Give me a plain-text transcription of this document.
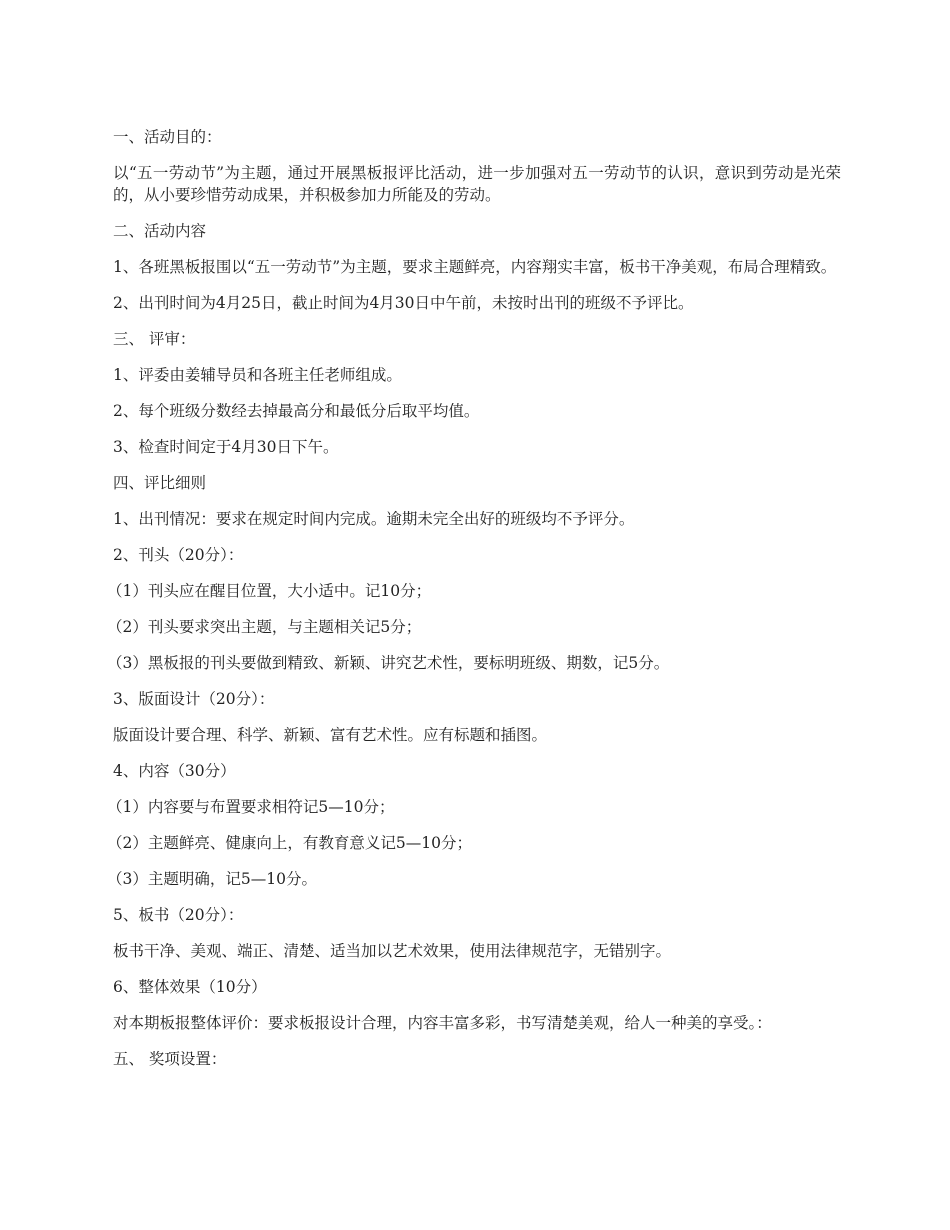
一、活动目的：

以“五一劳动节”为主题，通过开展黑板报评比活动，进一步加强对五一劳动节的认识，意识到劳动是光荣的，从小要珍惜劳动成果，并积极参加力所能及的劳动。

二、活动内容

1、各班黑板报围以“五一劳动节”为主题，要求主题鲜亮，内容翔实丰富，板书干净美观，布局合理精致。

2、出刊时间为4月25日，截止时间为4月30日中午前，未按时出刊的班级不予评比。

三、 评审：

1、评委由姜辅导员和各班主任老师组成。

2、每个班级分数经去掉最高分和最低分后取平均值。

3、检查时间定于4月30日下午。

四、评比细则

1、出刊情况：要求在规定时间内完成。逾期未完全出好的班级均不予评分。

2、刊头（20分）：

（1）刊头应在醒目位置，大小适中。记10分；

（2）刊头要求突出主题，与主题相关记5分；

（3）黑板报的刊头要做到精致、新颖、讲究艺术性，要标明班级、期数，记5分。

3、版面设计（20分）：

版面设计要合理、科学、新颖、富有艺术性。应有标题和插图。

4、内容（30分）

（1）内容要与布置要求相符记5—10分；

（2）主题鲜亮、健康向上，有教育意义记5—10分；

（3）主题明确，记5—10分。

5、板书（20分）：

板书干净、美观、端正、清楚、适当加以艺术效果，使用法律规范字，无错别字。

6、整体效果（10分）

对本期板报整体评价：要求板报设计合理，内容丰富多彩，书写清楚美观，给人一种美的享受。：

五、 奖项设置：
